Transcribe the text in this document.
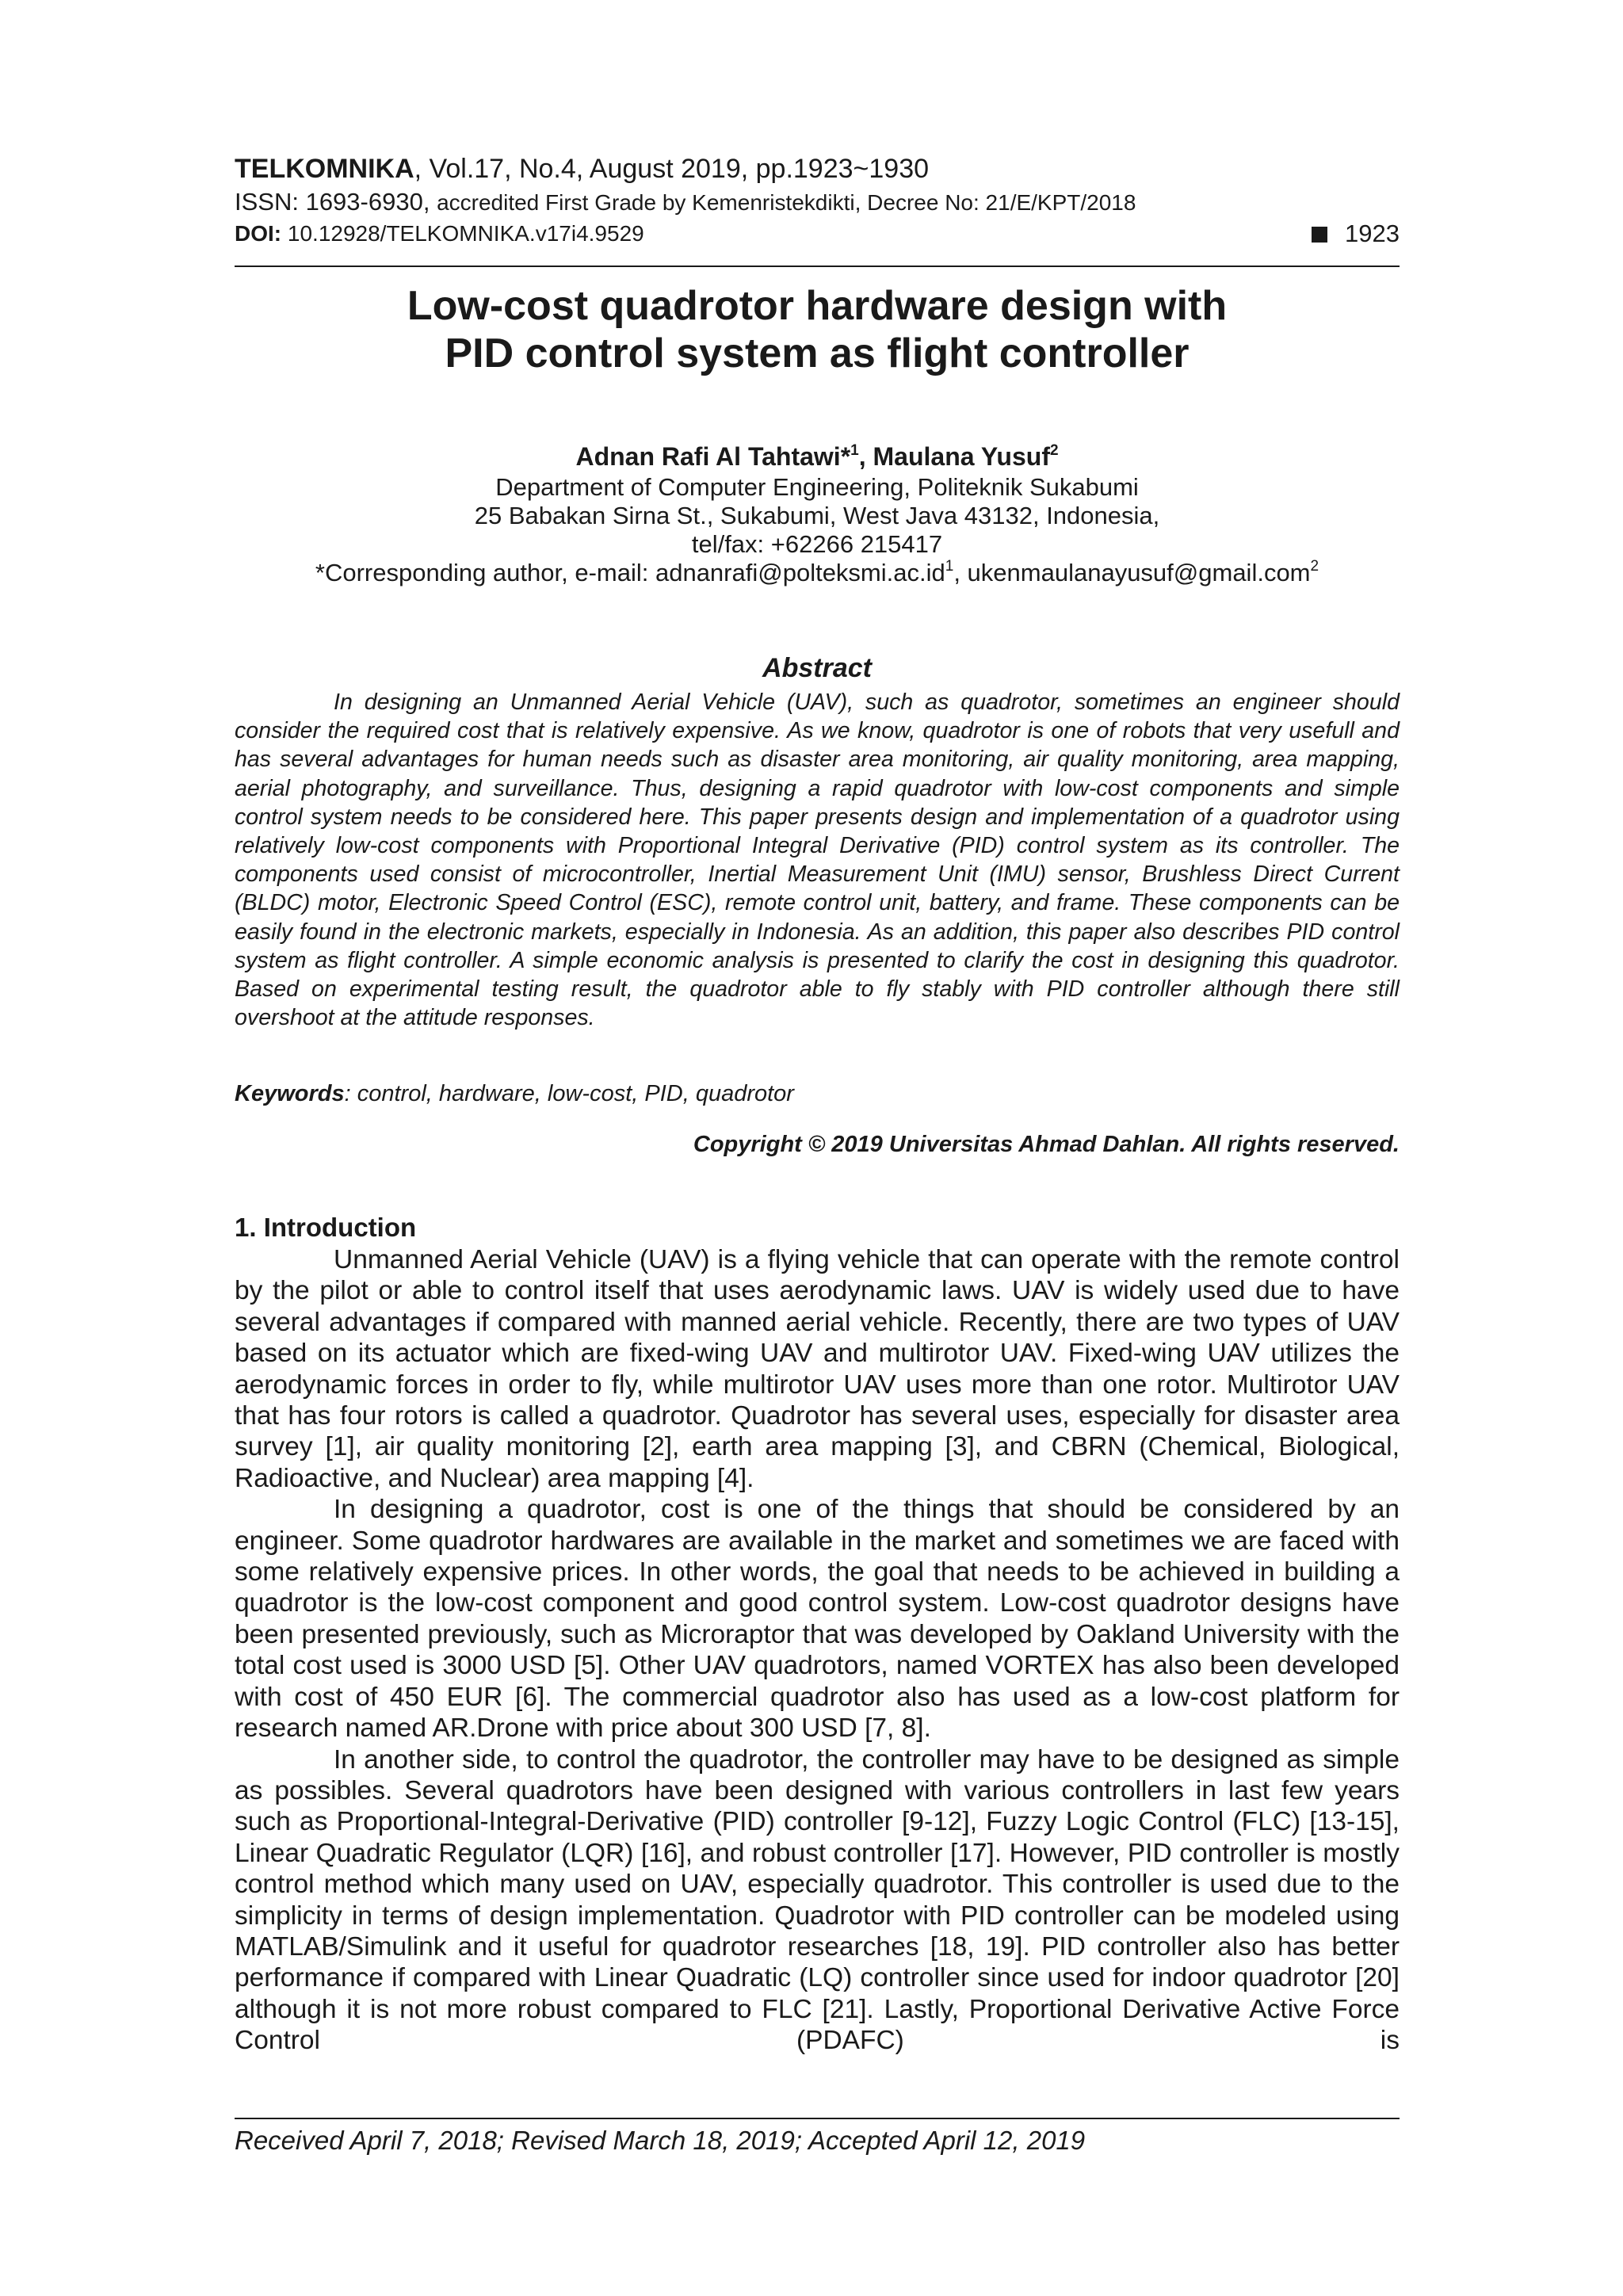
TELKOMNIKA, Vol.17, No.4, August 2019, pp.1923~1930
ISSN: 1693-6930, accredited First Grade by Kemenristekdikti, Decree No: 21/E/KPT/2018
DOI: 10.12928/TELKOMNIKA.v17i4.9529	1923
Low-cost quadrotor hardware design with
PID control system as flight controller
Adnan Rafi Al Tahtawi*$^1$, Maulana Yusuf$^2$
Department of Computer Engineering, Politeknik Sukabumi
25 Babakan Sirna St., Sukabumi, West Java 43132, Indonesia,
tel/fax: +62266 215417
*Corresponding author, e-mail: $adnanrafi@polteksmi.ac.id^1$, ukenmaulanayusuf@gmail.com$^2$
Abstract

In designing an Unmanned Aerial Vehicle (UAV), such as quadrotor, sometimes an engineer should consider the required cost that is relatively expensive. As we know, quadrotor is one of robots that very usefull and has several advantages for human needs such as disaster area monitoring, air quality monitoring, area mapping, aerial photography, and surveillance. Thus, designing a rapid quadrotor with low-cost components and simple control system needs to be considered here. This paper presents design and implementation of a quadrotor using relatively low-cost components with Proportional Integral Derivative (PID) control system as its controller. The components used consist of microcontroller, Inertial Measurement Unit (IMU) sensor, Brushless Direct Current (BLDC) motor, Electronic Speed Control (ESC), remote control unit, battery, and frame. These components can be easily found in the electronic markets, especially in Indonesia. As an addition, this paper also describes PID control system as flight controller. A simple economic analysis is presented to clarify the cost in designing this quadrotor. Based on experimental testing result, the quadrotor able to fly stably with PID controller although there still overshoot at the attitude responses.

Keywords: control, hardware, low-cost, PID, quadrotor
Copyright © 2019 Universitas Ahmad Dahlan. All rights reserved.
1. Introduction

Unmanned Aerial Vehicle (UAV) is a flying vehicle that can operate with the remote control by the pilot or able to control itself that uses aerodynamic laws. UAV is widely used due to have several advantages if compared with manned aerial vehicle. Recently, there are two types of UAV based on its actuator which are fixed-wing UAV and multirotor UAV. Fixed-wing UAV utilizes the aerodynamic forces in order to fly, while multirotor UAV uses more than one rotor. Multirotor UAV that has four rotors is called a quadrotor. Quadrotor has several uses, especially for disaster area survey [1], air quality monitoring [2], earth area mapping [3], and CBRN (Chemical, Biological, Radioactive, and Nuclear) area mapping [4].

In designing a quadrotor, cost is one of the things that should be considered by an engineer. Some quadrotor hardwares are available in the market and sometimes we are faced with some relatively expensive prices. In other words, the goal that needs to be achieved in building a quadrotor is the low-cost component and good control system. Low-cost quadrotor designs have been presented previously, such as Microraptor that was developed by Oakland University with the total cost used is 3000 USD [5]. Other UAV quadrotors, named VORTEX has also been developed with cost of 450 EUR [6]. The commercial quadrotor also has used as a low-cost platform for research named AR.Drone with price about 300 USD [7, 8].

In another side, to control the quadrotor, the controller may have to be designed as simple as possibles. Several quadrotors have been designed with various controllers in last few years such as Proportional-Integral-Derivative (PID) controller [9-12], Fuzzy Logic Control (FLC) [13-15], Linear Quadratic Regulator (LQR) [16], and robust controller [17]. However, PID controller is mostly control method which many used on UAV, especially quadrotor. This controller is used due to the simplicity in terms of design implementation. Quadrotor with PID controller can be modeled using MATLAB/Simulink and it useful for quadrotor researches [18, 19]. PID controller also has better performance if compared with Linear Quadratic (LQ) controller since used for indoor quadrotor [20] although it is not more robust compared to FLC [21]. Lastly, Proportional Derivative Active Force Control (PDAFC) is

Received April 7, 2018; Revised March 18, 2019; Accepted April 12, 2019
